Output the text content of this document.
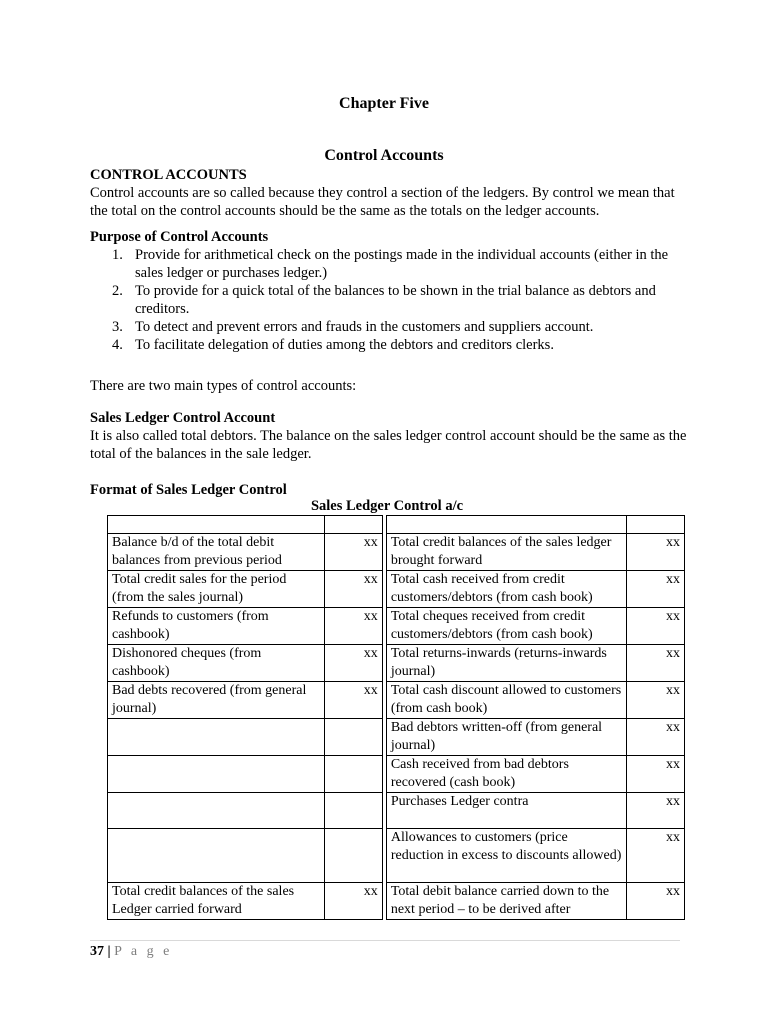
Chapter Five
Control Accounts

CONTROL ACCOUNTS

Control accounts are so called because they control a section of the ledgers. By control we mean that the total on the control accounts should be the same as the totals on the ledger accounts.

Purpose of Control Accounts

1. Provide for arithmetical check on the postings made in the individual accounts (either in the sales ledger or purchases ledger.)
2. To provide for a quick total of the balances to be shown in the trial balance as debtors and creditors.
3. To detect and prevent errors and frauds in the customers and suppliers account.
4. To facilitate delegation of duties among the debtors and creditors clerks.
There are two main types of control accounts:

Sales Ledger Control Account

It is also called total debtors. The balance on the sales ledger control account should be the same as the total of the balances in the sale ledger.

Format of Sales Ledger Control
Sales Ledger Control a/c

Balance b/d of the total debit balances from previous period	xx		Total credit balances of the sales ledger brought forward	xx
Total credit sales for the period (from the sales journal)	xx		Total cash received from credit customers/debtors (from cash book)	xx
Refunds to customers (from cashbook)	xx		Total cheques received from credit customers/debtors (from cash book)	xx
Dishonored cheques (from cashbook)	xx		Total returns-inwards (returns-inwards journal)	xx
Bad debts recovered (from general journal)	xx		Total cash discount allowed to customers (from cash book)	xx
			Bad debtors written-off (from general journal)	xx
			Cash received from bad debtors recovered (cash book)	xx
			Purchases Ledger contra	xx
			Allowances to customers (price reduction in excess to discounts allowed)	xx
Total credit balances of the sales Ledger carried forward	xx		Total debit balance carried down to the next period – to be derived after	xx
37 | P a g e
